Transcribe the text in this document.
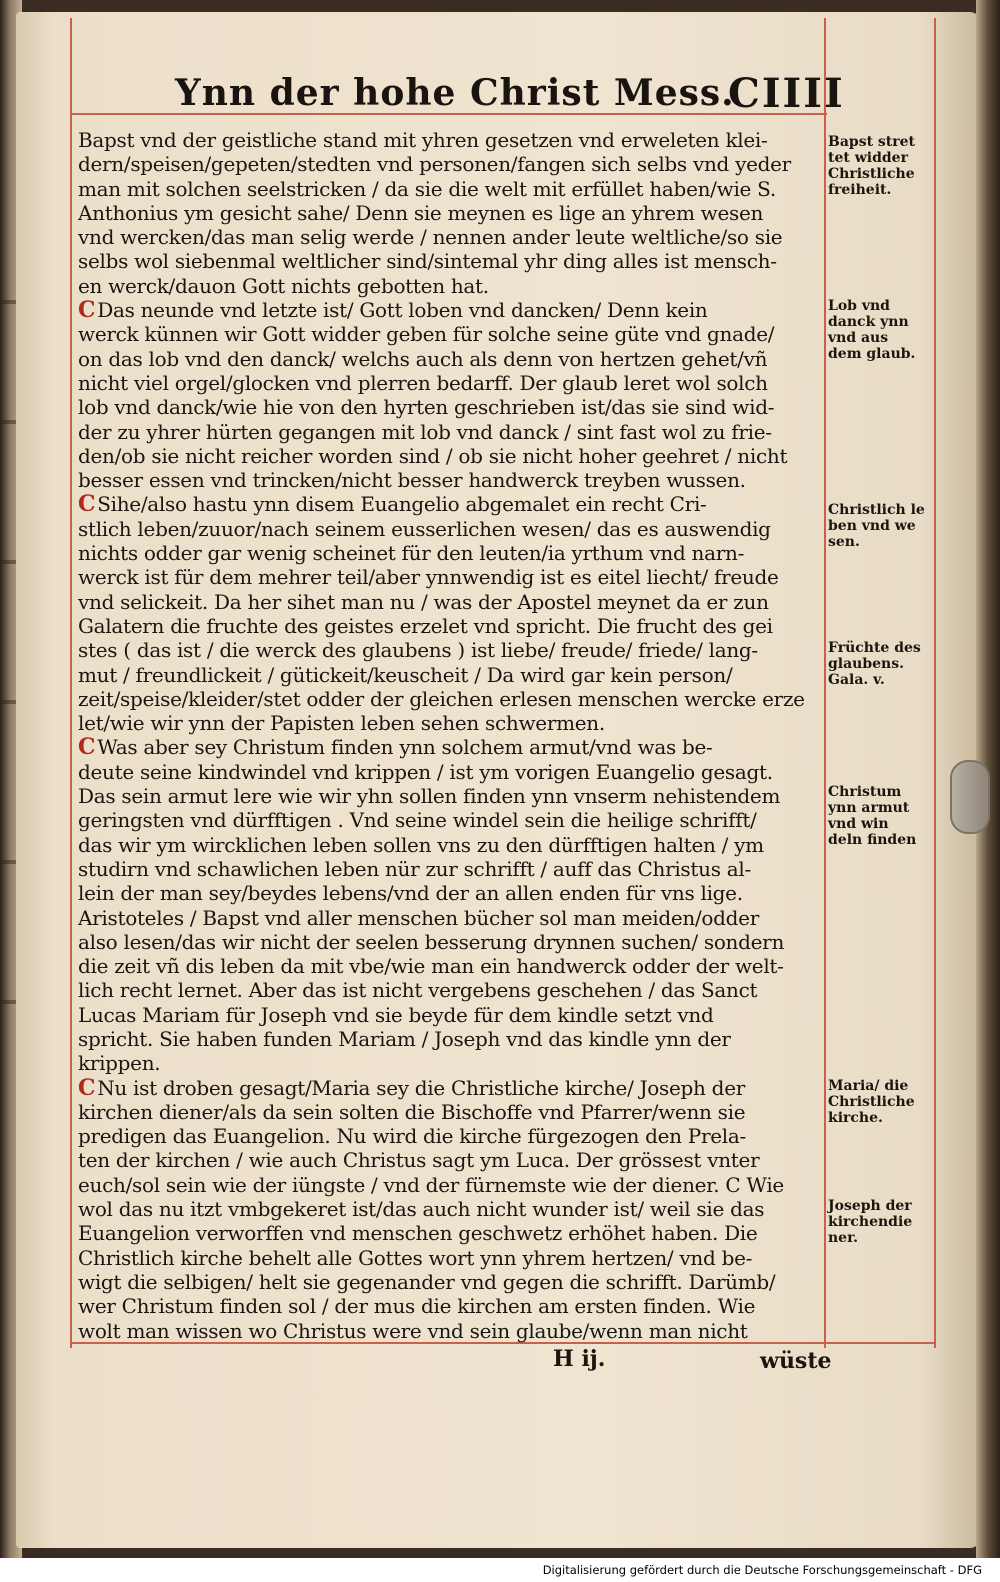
Ynn der hohe Christ Mess.
CIIII
Bapst vnd der geistliche stand mit yhren gesetzen vnd erweleten klei-
dern/speisen/gepeten/stedten vnd personen/fangen sich selbs vnd yeder
man mit solchen seelstricken / da sie die welt mit erfüllet haben/wie S.
Anthonius ym gesicht sahe/ Denn sie meynen es lige an yhrem wesen
vnd wercken/das man selig werde / nennen ander leute weltliche/so sie
selbs wol siebenmal weltlicher sind/sintemal yhr ding alles ist mensch-
en werck/dauon Gott nichts gebotten hat.
C Das neunde vnd letzte ist/ Gott loben vnd dancken/ Denn kein
werck künnen wir Gott widder geben für solche seine güte vnd gnade/
on das lob vnd den danck/ welchs auch als denn von hertzen gehet/vñ
nicht viel orgel/glocken vnd plerren bedarff. Der glaub leret wol solch
lob vnd danck/wie hie von den hyrten geschrieben ist/das sie sind wid-
der zu yhrer hürten gegangen mit lob vnd danck / sint fast wol zu frie-
den/ob sie nicht reicher worden sind / ob sie nicht hoher geehret / nicht
besser essen vnd trincken/nicht besser handwerck treyben wussen.
C Sihe/also hastu ynn disem Euangelio abgemalet ein recht Cri-
stlich leben/zuuor/nach seinem eusserlichen wesen/ das es auswendig
nichts odder gar wenig scheinet für den leuten/ia yrthum vnd narn-
werck ist für dem mehrer teil/aber ynnwendig ist es eitel liecht/ freude
vnd selickeit. Da her sihet man nu / was der Apostel meynet da er zun
Galatern die fruchte des geistes erzelet vnd spricht. Die frucht des gei
stes ( das ist / die werck des glaubens ) ist liebe/ freude/ friede/ lang-
mut / freundlickeit / gütickeit/keuscheit / Da wird gar kein person/
zeit/speise/kleider/stet odder der gleichen erlesen menschen wercke erze
let/wie wir ynn der Papisten leben sehen schwermen.
C Was aber sey Christum finden ynn solchem armut/vnd was be-
deute seine kindwindel vnd krippen / ist ym vorigen Euangelio gesagt.
Das sein armut lere wie wir yhn sollen finden ynn vnserm nehistendem
geringsten vnd dürfftigen . Vnd seine windel sein die heilige schrifft/
das wir ym wircklichen leben sollen vns zu den dürfftigen halten / ym
studirn vnd schawlichen leben nür zur schrifft / auff das Christus al-
lein der man sey/beydes lebens/vnd der an allen enden für vns lige.
Aristoteles / Bapst vnd aller menschen bücher sol man meiden/odder
also lesen/das wir nicht der seelen besserung drynnen suchen/ sondern
die zeit vñ dis leben da mit vbe/wie man ein handwerck odder der welt-
lich recht lernet. Aber das ist nicht vergebens geschehen / das Sanct
Lucas Mariam für Joseph vnd sie beyde für dem kindle setzt vnd
spricht. Sie haben funden Mariam / Joseph vnd das kindle ynn der
krippen.
C Nu ist droben gesagt/Maria sey die Christliche kirche/ Joseph der
kirchen diener/als da sein solten die Bischoffe vnd Pfarrer/wenn sie
predigen das Euangelion. Nu wird die kirche fürgezogen den Prela-
ten der kirchen / wie auch Christus sagt ym Luca. Der grössest vnter
euch/sol sein wie der iüngste / vnd der fürnemste wie der diener. C Wie
wol das nu itzt vmbgekeret ist/das auch nicht wunder ist/ weil sie das
Euangelion verworffen vnd menschen geschwetz erhöhet haben. Die
Christlich kirche behelt alle Gottes wort ynn yhrem hertzen/ vnd be-
wigt die selbigen/ helt sie gegenander vnd gegen die schrifft. Darümb/
wer Christum finden sol / der mus die kirchen am ersten finden. Wie
wolt man wissen wo Christus were vnd sein glaube/wenn man nicht
Bapst stret
tet widder
Christliche
freiheit.
Lob vnd
danck ynn
vnd aus
dem glaub.
Christlich le
ben vnd we
sen.
Früchte des
glaubens.
Gala. v.
Christum
ynn armut
vnd win
deln finden
Maria/ die
Christliche
kirche.
Joseph der
kirchendie
ner.
H ij.	wüste
Digitalisierung gefördert durch die Deutsche Forschungsgemeinschaft - DFG
